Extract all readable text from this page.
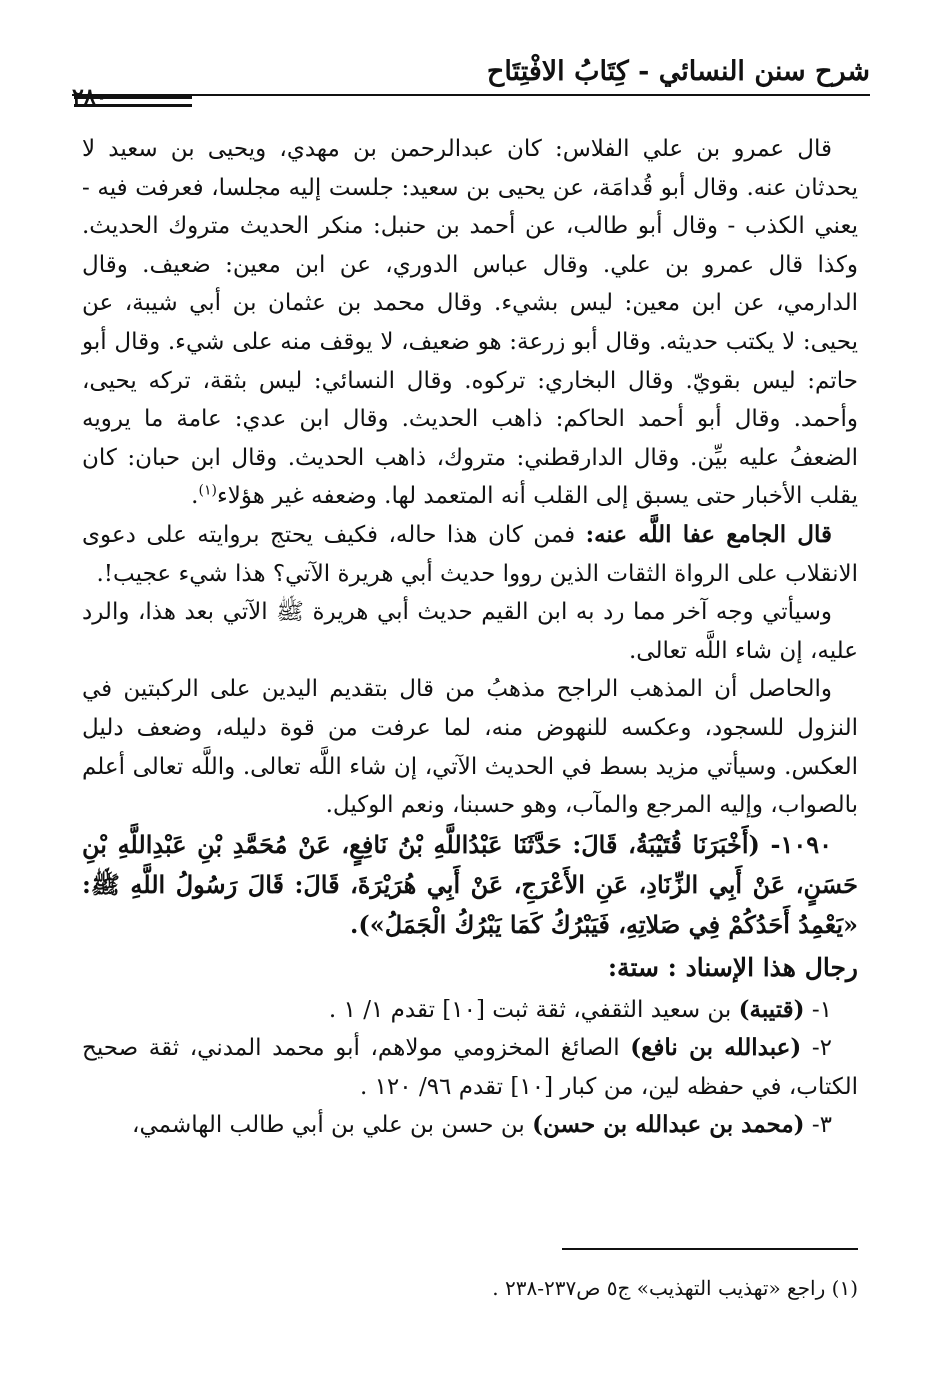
شرح سنن النسائي - كِتَابُ الافْتِتَاح
٢٨٠

قال عمرو بن علي الفلاس: كان عبدالرحمن بن مهدي، ويحيى بن سعيد لا يحدثان عنه. وقال أبو قُدامَة، عن يحيى بن سعيد: جلست إليه مجلسا، فعرفت فيه - يعني الكذب - وقال أبو طالب، عن أحمد بن حنبل: منكر الحديث متروك الحديث. وكذا قال عمرو بن علي. وقال عباس الدوري، عن ابن معين: ضعيف. وقال الدارمي، عن ابن معين: ليس بشيء. وقال محمد بن عثمان بن أبي شيبة، عن يحيى: لا يكتب حديثه. وقال أبو زرعة: هو ضعيف، لا يوقف منه على شيء. وقال أبو حاتم: ليس بقويّ. وقال البخاري: تركوه. وقال النسائي: ليس بثقة، تركه يحيى، وأحمد. وقال أبو أحمد الحاكم: ذاهب الحديث. وقال ابن عدي: عامة ما يرويه الضعفُ عليه بيِّن. وقال الدارقطني: متروك، ذاهب الحديث. وقال ابن حبان: كان يقلب الأخبار حتى يسبق إلى القلب أنه المتعمد لها. وضعفه غير هؤلاء$^{(١)}$.

قال الجامع عفا اللَّه عنه: فمن كان هذا حاله، فكيف يحتج بروايته على دعوى الانقلاب على الرواة الثقات الذين رووا حديث أبي هريرة الآتي؟ هذا شيء عجيب!.

وسيأتي وجه آخر مما رد به ابن القيم حديث أبي هريرة ﷺ الآتي بعد هذا، والرد عليه، إن شاء اللَّه تعالى.

والحاصل أن المذهب الراجح مذهبُ من قال بتقديم اليدين على الركبتين في النزول للسجود، وعكسه للنهوض منه، لما عرفت من قوة دليله، وضعف دليل العكس. وسيأتي مزيد بسط في الحديث الآتي، إن شاء اللَّه تعالى. واللَّه تعالى أعلم بالصواب، وإليه المرجع والمآب، وهو حسبنا، ونعم الوكيل.

١٠٩٠- (أَخْبَرَنَا قُتَيْبَةُ، قَالَ: حَدَّثَنَا عَبْدُاللَّهِ بْنُ نَافِعٍ، عَنْ مُحَمَّدِ بْنِ عَبْدِاللَّهِ بْنِ حَسَنٍ، عَنْ أَبِي الزِّنَادِ، عَنِ الأَعْرَجِ، عَنْ أَبِي هُرَيْرَةَ، قَالَ: قَالَ رَسُولُ اللَّهِ ﷺ: «يَعْمِدُ أَحَدُكُمْ فِي صَلاتِهِ، فَيَبْرُكُ كَمَا يَبْرُكُ الْجَمَلُ»).

رجال هذا الإسناد : ستة:

١- (قتيبة) بن سعيد الثقفي، ثقة ثبت [١٠] تقدم ١/ ١ .

٢- (عبدالله بن نافع) الصائغ المخزومي مولاهم، أبو محمد المدني، ثقة صحيح الكتاب، في حفظه لين، من كبار [١٠] تقدم ٩٦/ ١٢٠ .

٣- (محمد بن عبدالله بن حسن) بن حسن بن علي بن أبي طالب الهاشمي،

(١) راجع «تهذيب التهذيب» ج٥ ص٢٣٧-٢٣٨ .
